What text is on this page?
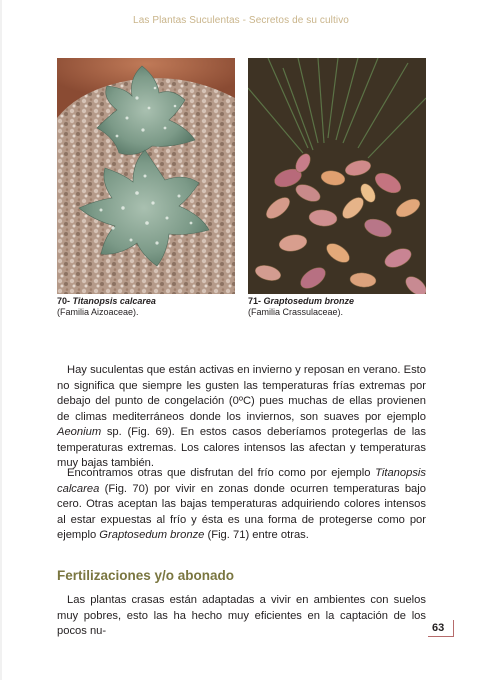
Las Plantas Suculentas - Secretos de su cultivo
70- Titanopsis calcarea
(Familia Aizoaceae).
71- Graptosedum bronze
(Familia Crassulaceae).

Hay suculentas que están activas en invierno y reposan en verano. Esto no significa que siempre les gusten las temperaturas frías extremas por debajo del punto de congelación (0ºC) pues muchas de ellas provienen de climas mediterráneos donde los inviernos, son suaves por ejemplo Aeonium sp. (Fig. 69). En estos casos deberíamos protegerlas de las temperaturas extremas. Los calores intensos las afectan y temperaturas muy bajas también.

Encontramos otras que disfrutan del frío como por ejemplo Titanopsis calcarea (Fig. 70) por vivir en zonas donde ocurren temperaturas bajo cero. Otras aceptan las bajas temperaturas adquiriendo colores intensos al estar expuestas al frío y ésta es una forma de protegerse como por ejemplo Graptosedum bronze (Fig. 71) entre otras.

Fertilizaciones y/o abonado

Las plantas crasas están adaptadas a vivir en ambientes con suelos muy pobres, esto las ha hecho muy eficientes en la captación de los pocos nu-	63
